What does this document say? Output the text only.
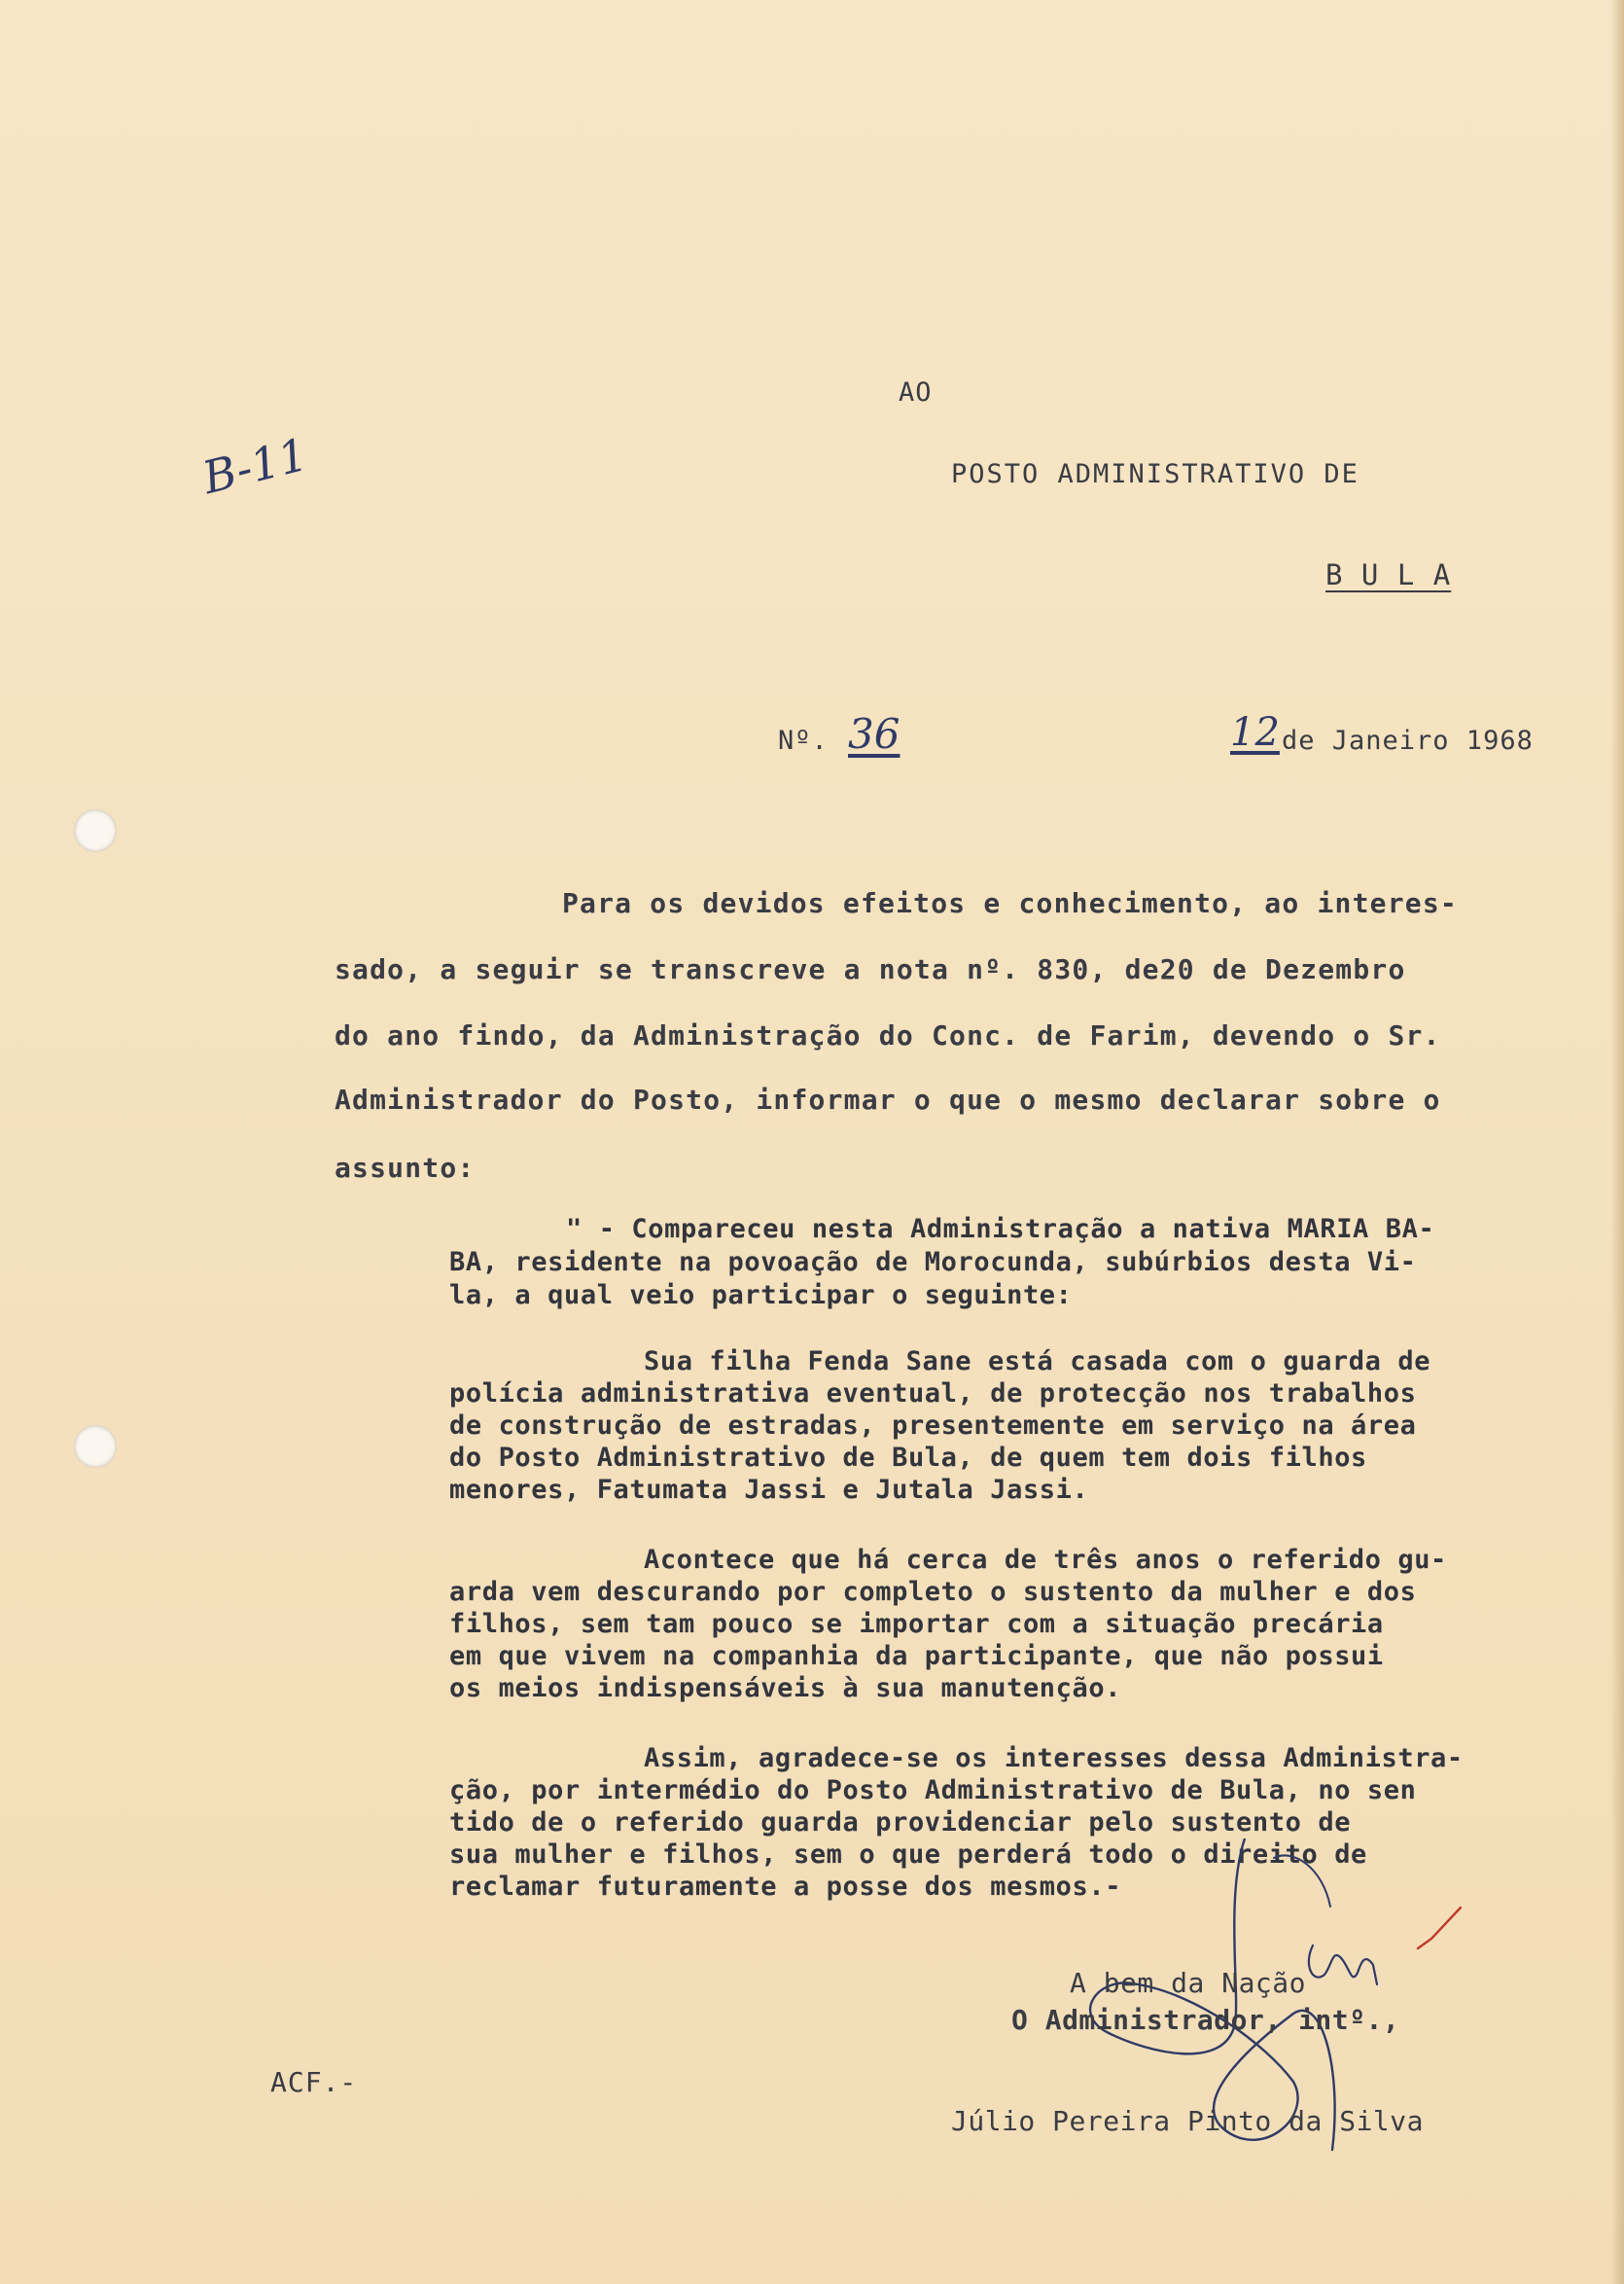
B-11
AO
POSTO ADMINISTRATIVO DE
B U L A
Nº. 36	12 de Janeiro 1968
Para os devidos efeitos e conhecimento, ao interes-
sado, a seguir se transcreve a nota nº. 830, de20 de Dezembro
do ano findo, da Administração do Conc. de Farim, devendo o Sr.
Administrador do Posto, informar o que o mesmo declarar sobre o
assunto:
" - Compareceu nesta Administração a nativa MARIA BA-
BA, residente na povoação de Morocunda, subúrbios desta Vi-
la, a qual veio participar o seguinte:
Sua filha Fenda Sane está casada com o guarda de
polícia administrativa eventual, de protecção nos trabalhos
de construção de estradas, presentemente em serviço na área
do Posto Administrativo de Bula, de quem tem dois filhos
menores, Fatumata Jassi e Jutala Jassi.
Acontece que há cerca de três anos o referido gu-
arda vem descurando por completo o sustento da mulher e dos
filhos, sem tam pouco se importar com a situação precária
em que vivem na companhia da participante, que não possui
os meios indispensáveis à sua manutenção.
Assim, agradece-se os interesses dessa Administra-
ção, por intermédio do Posto Administrativo de Bula, no sen
tido de o referido guarda providenciar pelo sustento de
sua mulher e filhos, sem o que perderá todo o direito de
reclamar futuramente a posse dos mesmos.-
A bem da Nação
O Administrador, intº.,
ACF.-
Júlio Pereira Pinto da Silva
